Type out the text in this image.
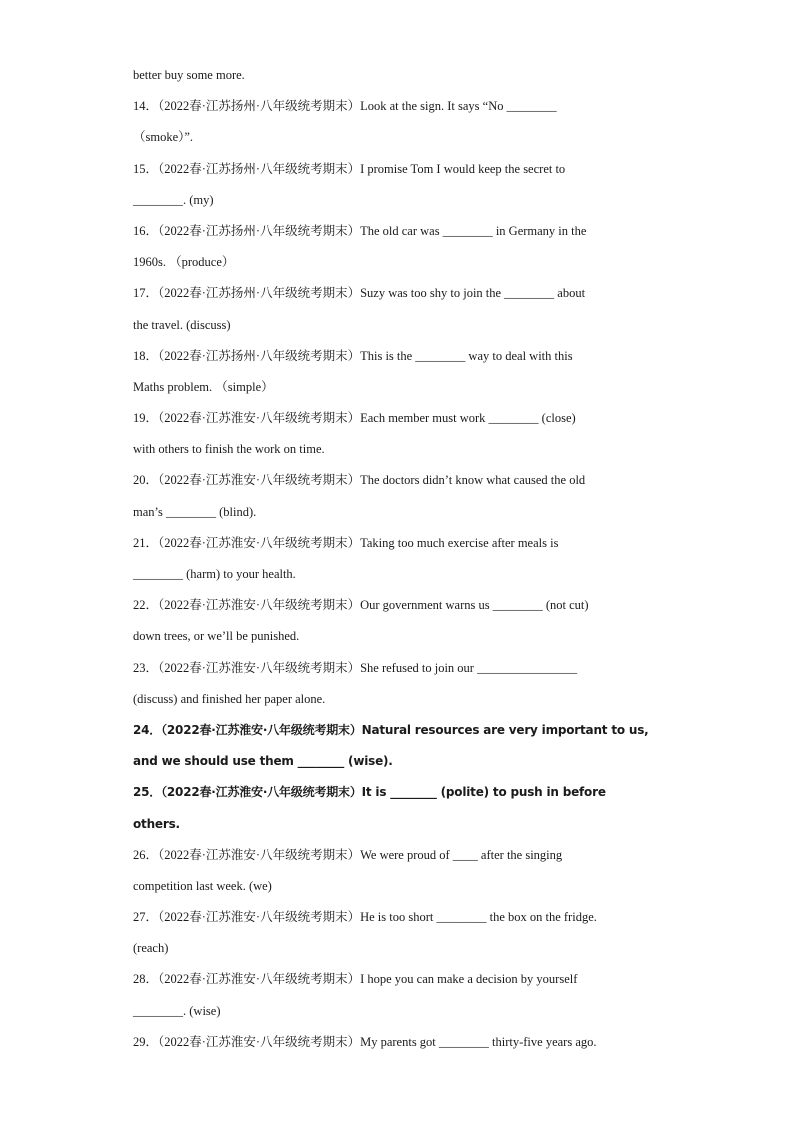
better buy some more.
14．（2022春·江苏扬州·八年级统考期末）Look at the sign. It says “No ________
（smoke）”.
15．（2022春·江苏扬州·八年级统考期末）I promise Tom I would keep the secret to
________. (my)
16．（2022春·江苏扬州·八年级统考期末）The old car was ________ in Germany in the
1960s. （produce）
17．（2022春·江苏扬州·八年级统考期末）Suzy was too shy to join the ________ about
the travel. (discuss)
18．（2022春·江苏扬州·八年级统考期末）This is the ________ way to deal with this
Maths problem. （simple）
19．（2022春·江苏淮安·八年级统考期末）Each member must work ________ (close)
with others to finish the work on time.
20．（2022春·江苏淮安·八年级统考期末）The doctors didn’t know what caused the old
man’s ________ (blind).
21．（2022春·江苏淮安·八年级统考期末）Taking too much exercise after meals is
________ (harm) to your health.
22．（2022春·江苏淮安·八年级统考期末）Our government warns us ________ (not cut)
down trees, or we’ll be punished.
23．（2022春·江苏淮安·八年级统考期末）She refused to join our ________________
(discuss) and finished her paper alone.
24．（2022春·江苏淮安·八年级统考期末）Natural resources are very important to us,
and we should use them ________ (wise).
25．（2022春·江苏淮安·八年级统考期末）It is ________ (polite) to push in before
others.
26．（2022春·江苏淮安·八年级统考期末）We were proud of ____ after the singing
competition last week. (we)
27．（2022春·江苏淮安·八年级统考期末）He is too short ________ the box on the fridge.
(reach)
28．（2022春·江苏淮安·八年级统考期末）I hope you can make a decision by yourself
________. (wise)
29．（2022春·江苏淮安·八年级统考期末）My parents got ________ thirty-five years ago.
